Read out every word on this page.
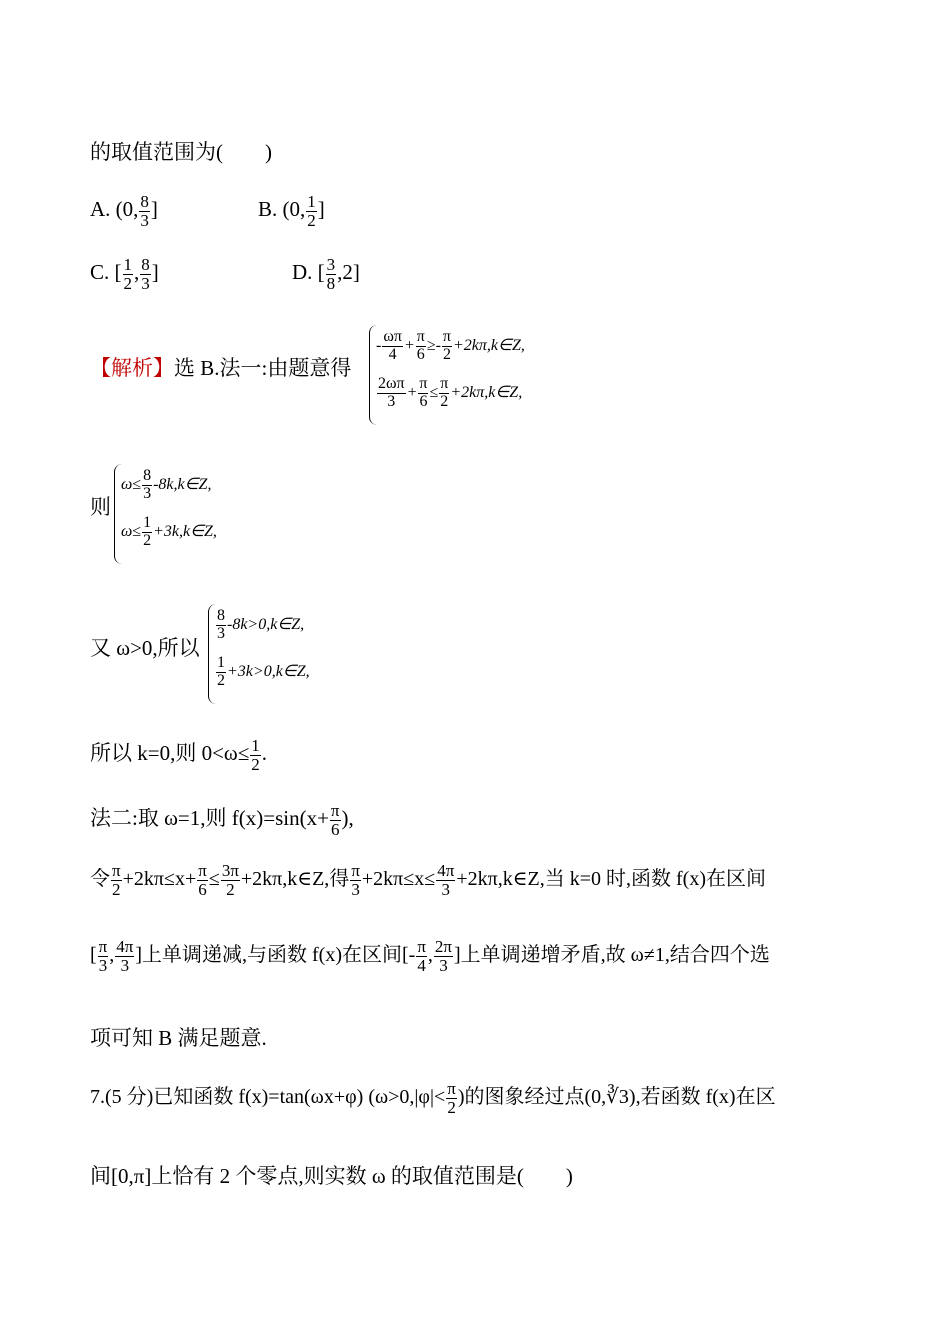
的取值范围为(　　)
A. (0, $\frac{8}{3}$ ]	B. (0, $\frac{1}{2}$ ]
C. [ $\frac{1}{2}$ , $\frac{8}{3}$ ]	D. [ $\frac{3}{8} ,2$]
【解析】选 B.法一:由题意得
- $\frac{\omega\pi}{4} + \frac{\pi}{6} \ge- \frac{\pi}{2}$ +2kπ,k∈Z,
$\frac{2\omega\pi}{3} + \frac{\pi}{6} \le \frac{\pi}{2}$ +2kπ,k∈Z,
则
$\omega\le \frac{8}{3}$ -8k,k∈Z,
$\omega\le \frac{1}{2}$ +3k,k∈Z,
又 ω>0,所以
$\frac{8}{3}$ -8k>0,k∈Z,
$\frac{1}{2}$ +3k>0,k∈Z,
所以 k=0,则 $0<\omega\le \frac{1}{2}$ .
法二:取 ω=1,则 $f(x)=\sin(x+ \frac{\pi}{6}$ ),
令 $\frac{\pi}{2} +2k\pi\le x+ \frac{\pi}{6} \le \frac{3\pi}{2}$ +2kπ,k∈Z,得 $\frac{\pi}{3} +2k\pi\le x\le \frac{4\pi}{3}$ +2kπ,k∈Z,当 k=0 时,函数 f(x)在区间
[ $\frac{\pi}{3}$ , $\frac{4\pi}{3}$ ]上单调递减,与函数 f(x)在区间[- $\frac{\pi}{4}$ , $\frac{2\pi}{3}$ ]上单调递增矛盾,故 ω≠1,结合四个选
项可知 B 满足题意.
7.(5 分)已知函数 f(x)=tan(ωx+φ) ($\omega>0,|\varphi|< \frac{\pi}{2}$ )的图象经过点(0,∛3),若函数 f(x)在区
间[0,π]上恰有 2 个零点,则实数 ω 的取值范围是(　　)
